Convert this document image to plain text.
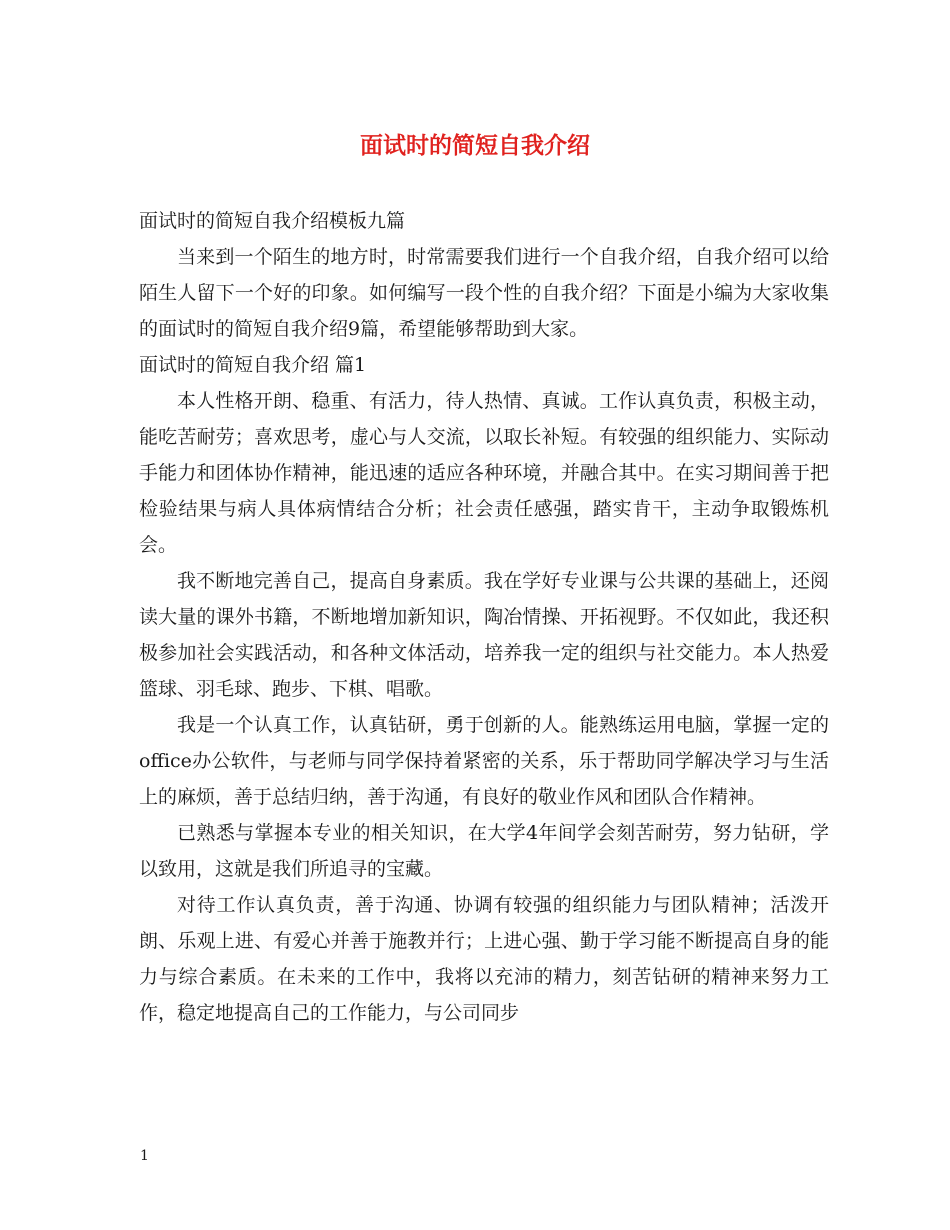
面试时的简短自我介绍

面试时的简短自我介绍模板九篇

当来到一个陌生的地方时，时常需要我们进行一个自我介绍，自我介绍可以给陌生人留下一个好的印象。如何编写一段个性的自我介绍？下面是小编为大家收集的面试时的简短自我介绍9篇，希望能够帮助到大家。

面试时的简短自我介绍 篇1

本人性格开朗、稳重、有活力，待人热情、真诚。工作认真负责，积极主动，能吃苦耐劳；喜欢思考，虚心与人交流，以取长补短。有较强的组织能力、实际动手能力和团体协作精神，能迅速的适应各种环境，并融合其中。在实习期间善于把检验结果与病人具体病情结合分析；社会责任感强，踏实肯干，主动争取锻炼机会。

我不断地完善自己，提高自身素质。我在学好专业课与公共课的基础上，还阅读大量的课外书籍，不断地增加新知识，陶冶情操、开拓视野。不仅如此，我还积极参加社会实践活动，和各种文体活动，培养我一定的组织与社交能力。本人热爱篮球、羽毛球、跑步、下棋、唱歌。

我是一个认真工作，认真钻研，勇于创新的人。能熟练运用电脑，掌握一定的office办公软件，与老师与同学保持着紧密的关系，乐于帮助同学解决学习与生活上的麻烦，善于总结归纳，善于沟通，有良好的敬业作风和团队合作精神。

已熟悉与掌握本专业的相关知识，在大学4年间学会刻苦耐劳，努力钻研，学以致用，这就是我们所追寻的宝藏。

对待工作认真负责，善于沟通、协调有较强的组织能力与团队精神；活泼开朗、乐观上进、有爱心并善于施教并行；上进心强、勤于学习能不断提高自身的能力与综合素质。在未来的工作中，我将以充沛的精力，刻苦钻研的精神来努力工作，稳定地提高自己的工作能力，与公司同步

1
